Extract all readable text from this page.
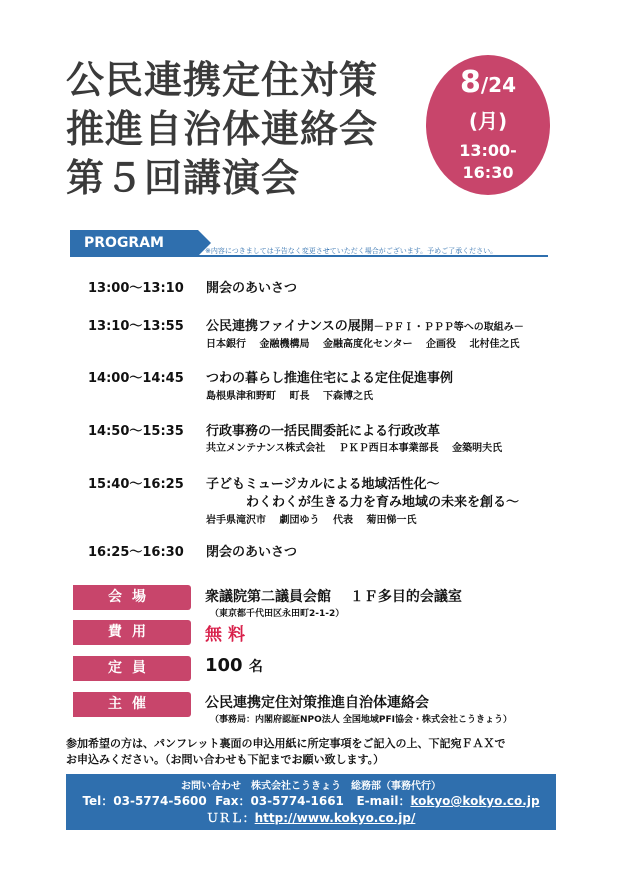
公民連携定住対策
推進自治体連絡会
第５回講演会
8/24
(月)
13:00-
16:30
PROGRAM	※内容につきましては予告なく変更させていただく場合がございます。予めご了承ください。
13:00～13:10 開会のあいさつ
13:10～13:55 公民連携ファイナンスの展開－ＰＦＩ・ＰＰＰ等への取組み－
日本銀行　 金融機構局　 金融高度化センター　 企画役　 北村佳之氏
14:00～14:45 つわの暮らし推進住宅による定住促進事例
島根県津和野町　 町長　 下森博之氏
14:50～15:35 行政事務の一括民間委託による行政改革
共立メンテナンス株式会社　 ＰＫＰ西日本事業部長　 金築明夫氏
15:40～16:25 子どもミュージカルによる地域活性化～
わくわくが生きる力を育み地域の未来を創る～
岩手県滝沢市　 劇団ゆう　 代表　 菊田悌一氏
16:25～16:30 閉会のあいさつ
会場	衆議院第二議員会館　 １Ｆ多目的会議室
（東京都千代田区永田町2-1-2）
費用	無料
定員	100 名
主催	公民連携定住対策推進自治体連絡会
（事務局：内閣府認証NPO法人 全国地域PFI協会・株式会社こうきょう）
参加希望の方は、パンフレット裏面の申込用紙に所定事項をご記入の上、下記宛ＦＡＸで
お申込みください。（お問い合わせも下記までお願い致します。）
お問い合わせ　株式会社こうきょう　総務部（事務代行）
Tel：03-5774-5600 Fax：03-5774-1661 E-mail：kokyo@kokyo.co.jp
ＵＲＬ：http://www.kokyo.co.jp/
